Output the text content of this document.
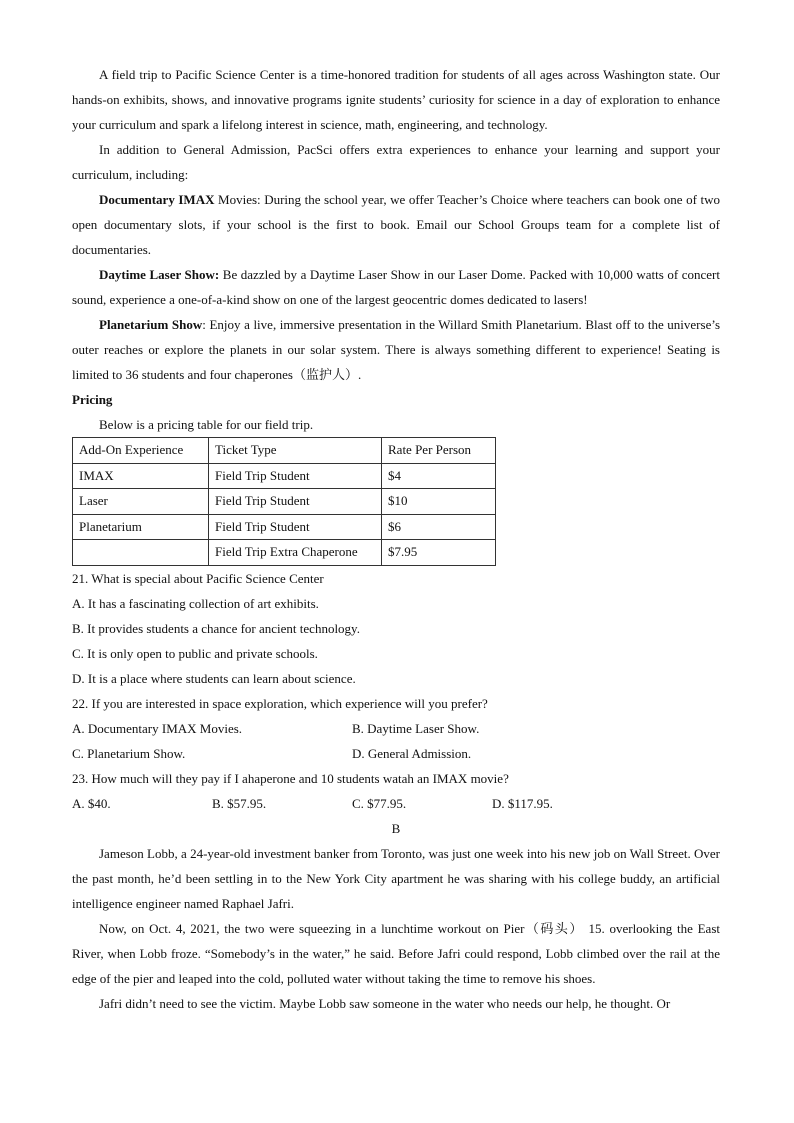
A field trip to Pacific Science Center is a time-honored tradition for students of all ages across Washington state. Our hands-on exhibits, shows, and innovative programs ignite students’ curiosity for science in a day of exploration to enhance your curriculum and spark a lifelong interest in science, math, engineering, and technology.

In addition to General Admission, PacSci offers extra experiences to enhance your learning and support your curriculum, including:

Documentary IMAX Movies: During the school year, we offer Teacher’s Choice where teachers can book one of two open documentary slots, if your school is the first to book. Email our School Groups team for a complete list of documentaries.

Daytime Laser Show: Be dazzled by a Daytime Laser Show in our Laser Dome. Packed with 10,000 watts of concert sound, experience a one-of-a-kind show on one of the largest geocentric domes dedicated to lasers!

Planetarium Show: Enjoy a live, immersive presentation in the Willard Smith Planetarium. Blast off to the universe’s outer reaches or explore the planets in our solar system. There is always something different to experience! Seating is limited to 36 students and four chaperones（监护人）.

Pricing

Below is a pricing table for our field trip.

Add-On Experience	Ticket Type	Rate Per Person
IMAX	Field Trip Student	$4
Laser	Field Trip Student	$10
Planetarium	Field Trip Student	$6
	Field Trip Extra Chaperone	$7.95

21. What is special about Pacific Science Center

A. It has a fascinating collection of art exhibits.

B. It provides students a chance for ancient technology.

C. It is only open to public and private schools.

D. It is a place where students can learn about science.

22. If you are interested in space exploration, which experience will you prefer?

A. Documentary IMAX Movies.	B. Daytime Laser Show.
C. Planetarium Show.	D. General Admission.

23. How much will they pay if I ahaperone and 10 students watah an IMAX movie?

A. $40.	B. $57.95.	C. $77.95.	D. $117.95.

B

Jameson Lobb, a 24-year-old investment banker from Toronto, was just one week into his new job on Wall Street. Over the past month, he’d been settling in to the New York City apartment he was sharing with his college buddy, an artificial intelligence engineer named Raphael Jafri.

Now, on Oct. 4, 2021, the two were squeezing in a lunchtime workout on Pier（码头） 15. overlooking the East River, when Lobb froze. “Somebody’s in the water,” he said. Before Jafri could respond, Lobb climbed over the rail at the edge of the pier and leaped into the cold, polluted water without taking the time to remove his shoes.

Jafri didn’t need to see the victim. Maybe Lobb saw someone in the water who needs our help, he thought. Or
